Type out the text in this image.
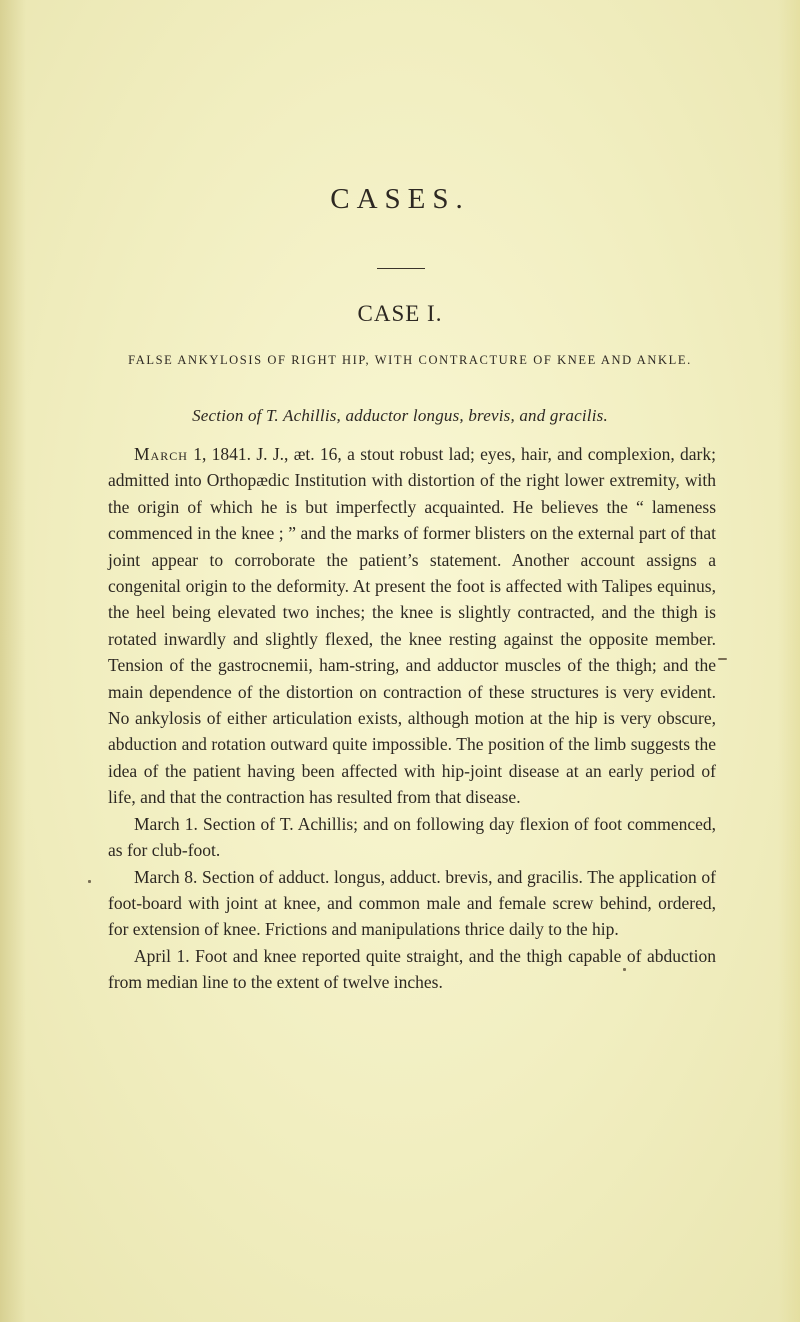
CASES.
CASE I.
FALSE ANKYLOSIS OF RIGHT HIP, WITH CONTRACTURE OF KNEE AND ANKLE.
Section of T. Achillis, adductor longus, brevis, and gracilis.

March 1, 1841. J. J., æt. 16, a stout robust lad; eyes, hair, and complexion, dark; admitted into Orthopædic Institution with distortion of the right lower extremity, with the origin of which he is but imperfectly acquainted. He believes the “ lameness commenced in the knee ; ” and the marks of former blisters on the external part of that joint appear to corroborate the patient’s statement. Another account assigns a congenital origin to the deformity. At present the foot is affected with Talipes equinus, the heel being elevated two inches; the knee is slightly contracted, and the thigh is rotated inwardly and slightly flexed, the knee resting against the opposite member. Tension of the gastrocnemii, ham-string, and adductor muscles of the thigh; and the main dependence of the distortion on contraction of these structures is very evident. No ankylosis of either articulation exists, although motion at the hip is very obscure, abduction and rotation outward quite impossible. The position of the limb suggests the idea of the patient having been affected with hip-joint disease at an early period of life, and that the contraction has resulted from that disease.

March 1. Section of T. Achillis; and on following day flexion of foot commenced, as for club-foot.

March 8. Section of adduct. longus, adduct. brevis, and gracilis. The application of foot-board with joint at knee, and common male and female screw behind, ordered, for extension of knee. Frictions and manipulations thrice daily to the hip.

April 1. Foot and knee reported quite straight, and the thigh capable of abduction from median line to the extent of twelve inches.
